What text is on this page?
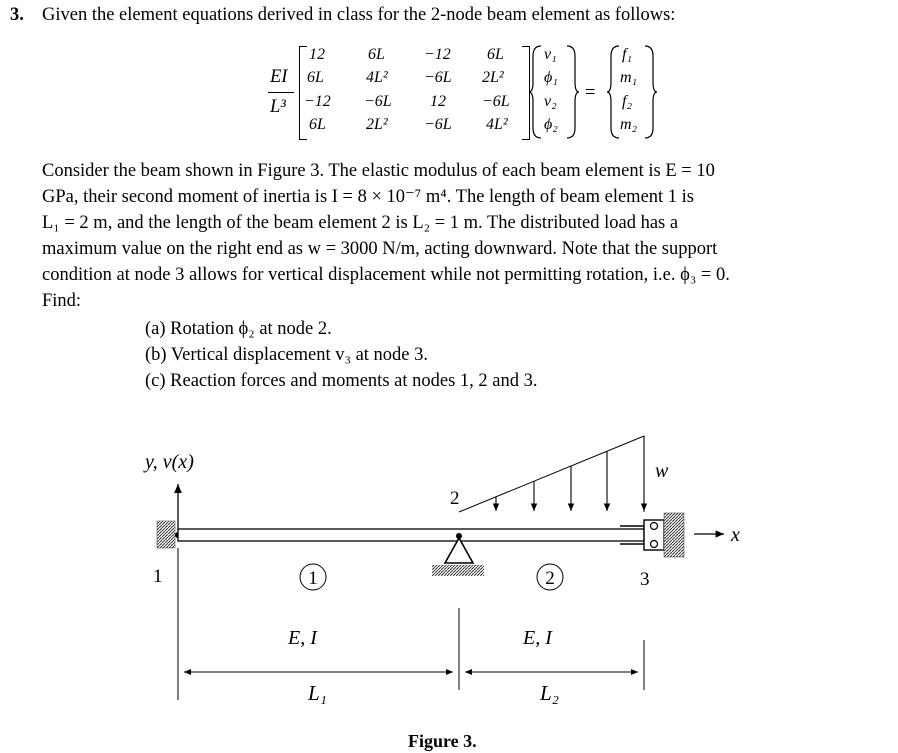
3. Given the element equations derived in class for the 2-node beam element as follows:
EI
L³
12	6L −12 6L
6L	4L² −6L 2L²
−12 −6L 12 −6L
6L	2L² −6L 4L²
v₁
ϕ₁
v₂
ϕ₂
=
f₁
m₁
f₂
m₂
Consider the beam shown in Figure 3. The elastic modulus of each beam element is E = 10
GPa, their second moment of inertia is I = 8 × 10⁻⁷ m⁴. The length of beam element 1 is
L₁ = 2 m, and the length of the beam element 2 is L₂ = 1 m. The distributed load has a
maximum value on the right end as w = 3000 N/m, acting downward. Note that the support
condition at node 3 allows for vertical displacement while not permitting rotation, i.e. ϕ₃ = 0.
Find:
(a) Rotation ϕ₂ at node 2.
(b) Vertical displacement v₃ at node 3.
(c) Reaction forces and moments at nodes 1, 2 and 3.
y, v(x)
1
2
3
x
w
1	2
E, I	E, I
L₁	L₂
Figure 3.
